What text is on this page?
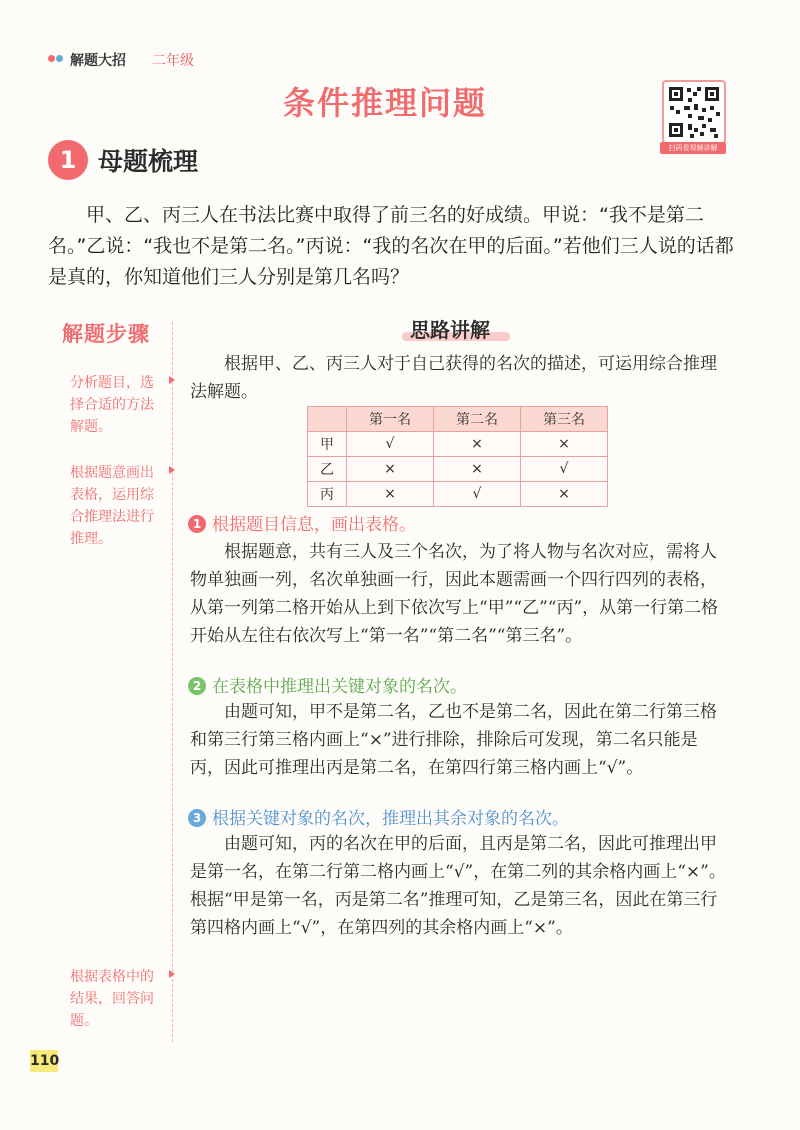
解题大招 二年级
条件推理问题
扫码看视频讲解
1 母题梳理
甲、乙、丙三人在书法比赛中取得了前三名的好成绩。甲说：“我不是第二名。”乙说：“我也不是第二名。”丙说：“我的名次在甲的后面。”若他们三人说的话都是真的，你知道他们三人分别是第几名吗？
解题步骤
分析题目，选择合适的方法解题。
根据题意画出表格，运用综合推理法进行推理。
根据表格中的结果，回答问题。
思路讲解
根据甲、乙、丙三人对于自己获得的名次的描述，可运用综合推理法解题。
	第一名	第二名	第三名
甲	√	×	×
乙	×	×	√
丙	×	√	×
1 根据题目信息，画出表格。
根据题意，共有三人及三个名次，为了将人物与名次对应，需将人物单独画一列，名次单独画一行，因此本题需画一个四行四列的表格，从第一列第二格开始从上到下依次写上“甲”“乙”“丙”，从第一行第二格开始从左往右依次写上“第一名”“第二名”“第三名”。
2 在表格中推理出关键对象的名次。
由题可知，甲不是第二名，乙也不是第二名，因此在第二行第三格和第三行第三格内画上“×”进行排除，排除后可发现，第二名只能是丙，因此可推理出丙是第二名，在第四行第三格内画上“√”。
3 根据关键对象的名次，推理出其余对象的名次。
由题可知，丙的名次在甲的后面，且丙是第二名，因此可推理出甲是第一名，在第二行第二格内画上“√”，在第二列的其余格内画上“×”。根据“甲是第一名，丙是第二名”推理可知，乙是第三名，因此在第三行第四格内画上“√”，在第四列的其余格内画上“×”。
110
